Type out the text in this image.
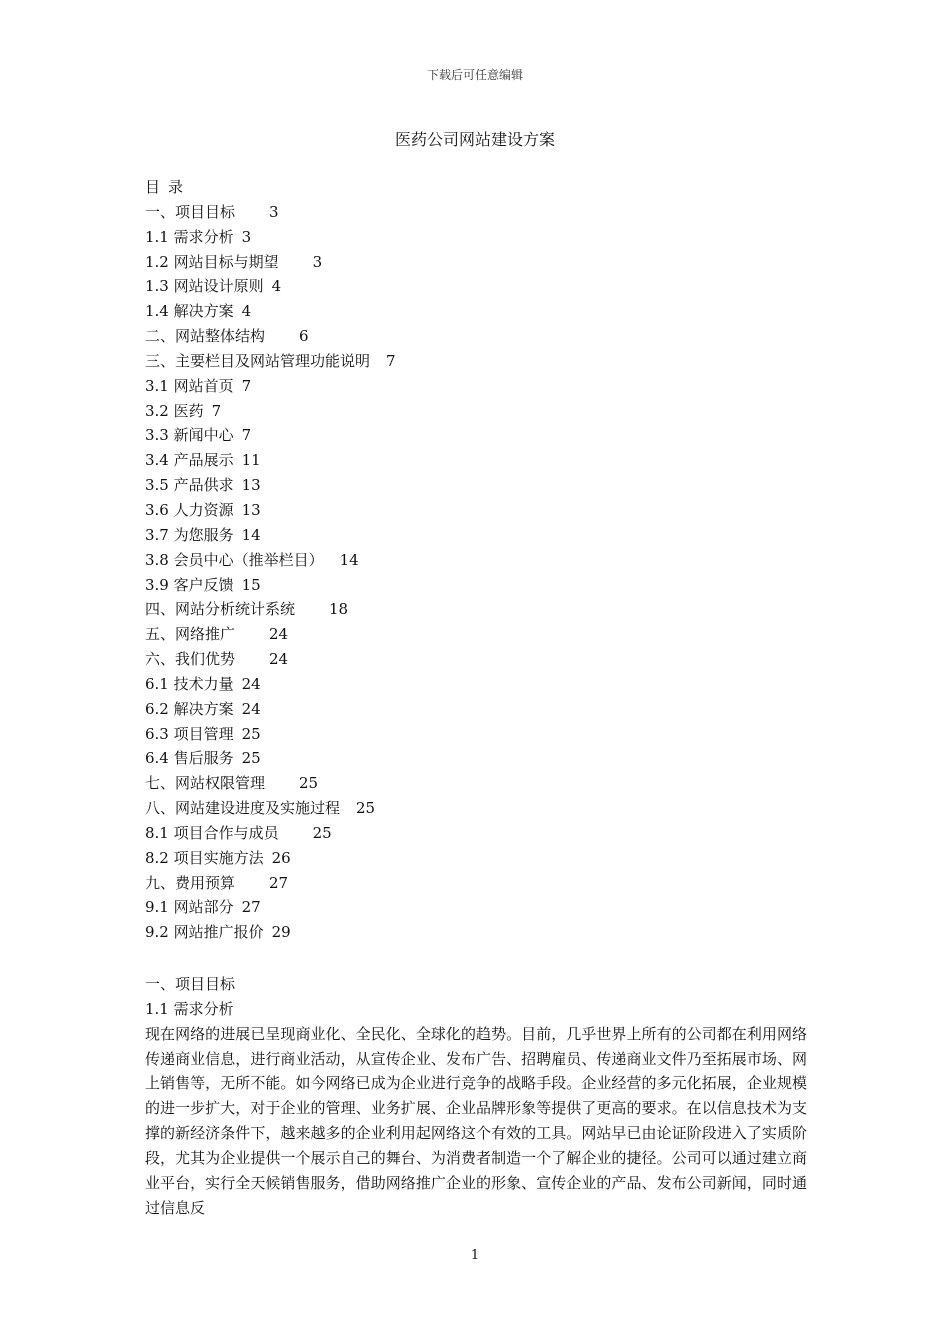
下载后可任意编辑
医药公司网站建设方案
目录
一、项目目标 3
1.1 需求分析 3
1.2 网站目标与期望 3
1.3 网站设计原则 4
1.4 解决方案 4
二、网站整体结构 6
三、主要栏目及网站管理功能说明 7
3.1 网站首页 7
3.2 医药 7
3.3 新闻中心 7
3.4 产品展示 11
3.5 产品供求 13
3.6 人力资源 13
3.7 为您服务 14
3.8 会员中心（推举栏目） 14
3.9 客户反馈 15
四、网站分析统计系统 18
五、网络推广 24
六、我们优势 24
6.1 技术力量 24
6.2 解决方案 24
6.3 项目管理 25
6.4 售后服务 25
七、网站权限管理 25
八、网站建设进度及实施过程 25
8.1 项目合作与成员 25
8.2 项目实施方法 26
九、费用预算 27
9.1 网站部分 27
9.2 网站推广报价 29
一、项目目标
1.1 需求分析
现在网络的进展已呈现商业化、全民化、全球化的趋势。目前，几乎世界上所有的公司都在利用网络传递商业信息，进行商业活动，从宣传企业、发布广告、招聘雇员、传递商业文件乃至拓展市场、网上销售等，无所不能。如今网络已成为企业进行竞争的战略手段。企业经营的多元化拓展，企业规模的进一步扩大，对于企业的管理、业务扩展、企业品牌形象等提供了更高的要求。在以信息技术为支撑的新经济条件下，越来越多的企业利用起网络这个有效的工具。网站早已由论证阶段进入了实质阶段，尤其为企业提供一个展示自己的舞台、为消费者制造一个了解企业的捷径。公司可以通过建立商业平台，实行全天候销售服务，借助网络推广企业的形象、宣传企业的产品、发布公司新闻，同时通过信息反
1
